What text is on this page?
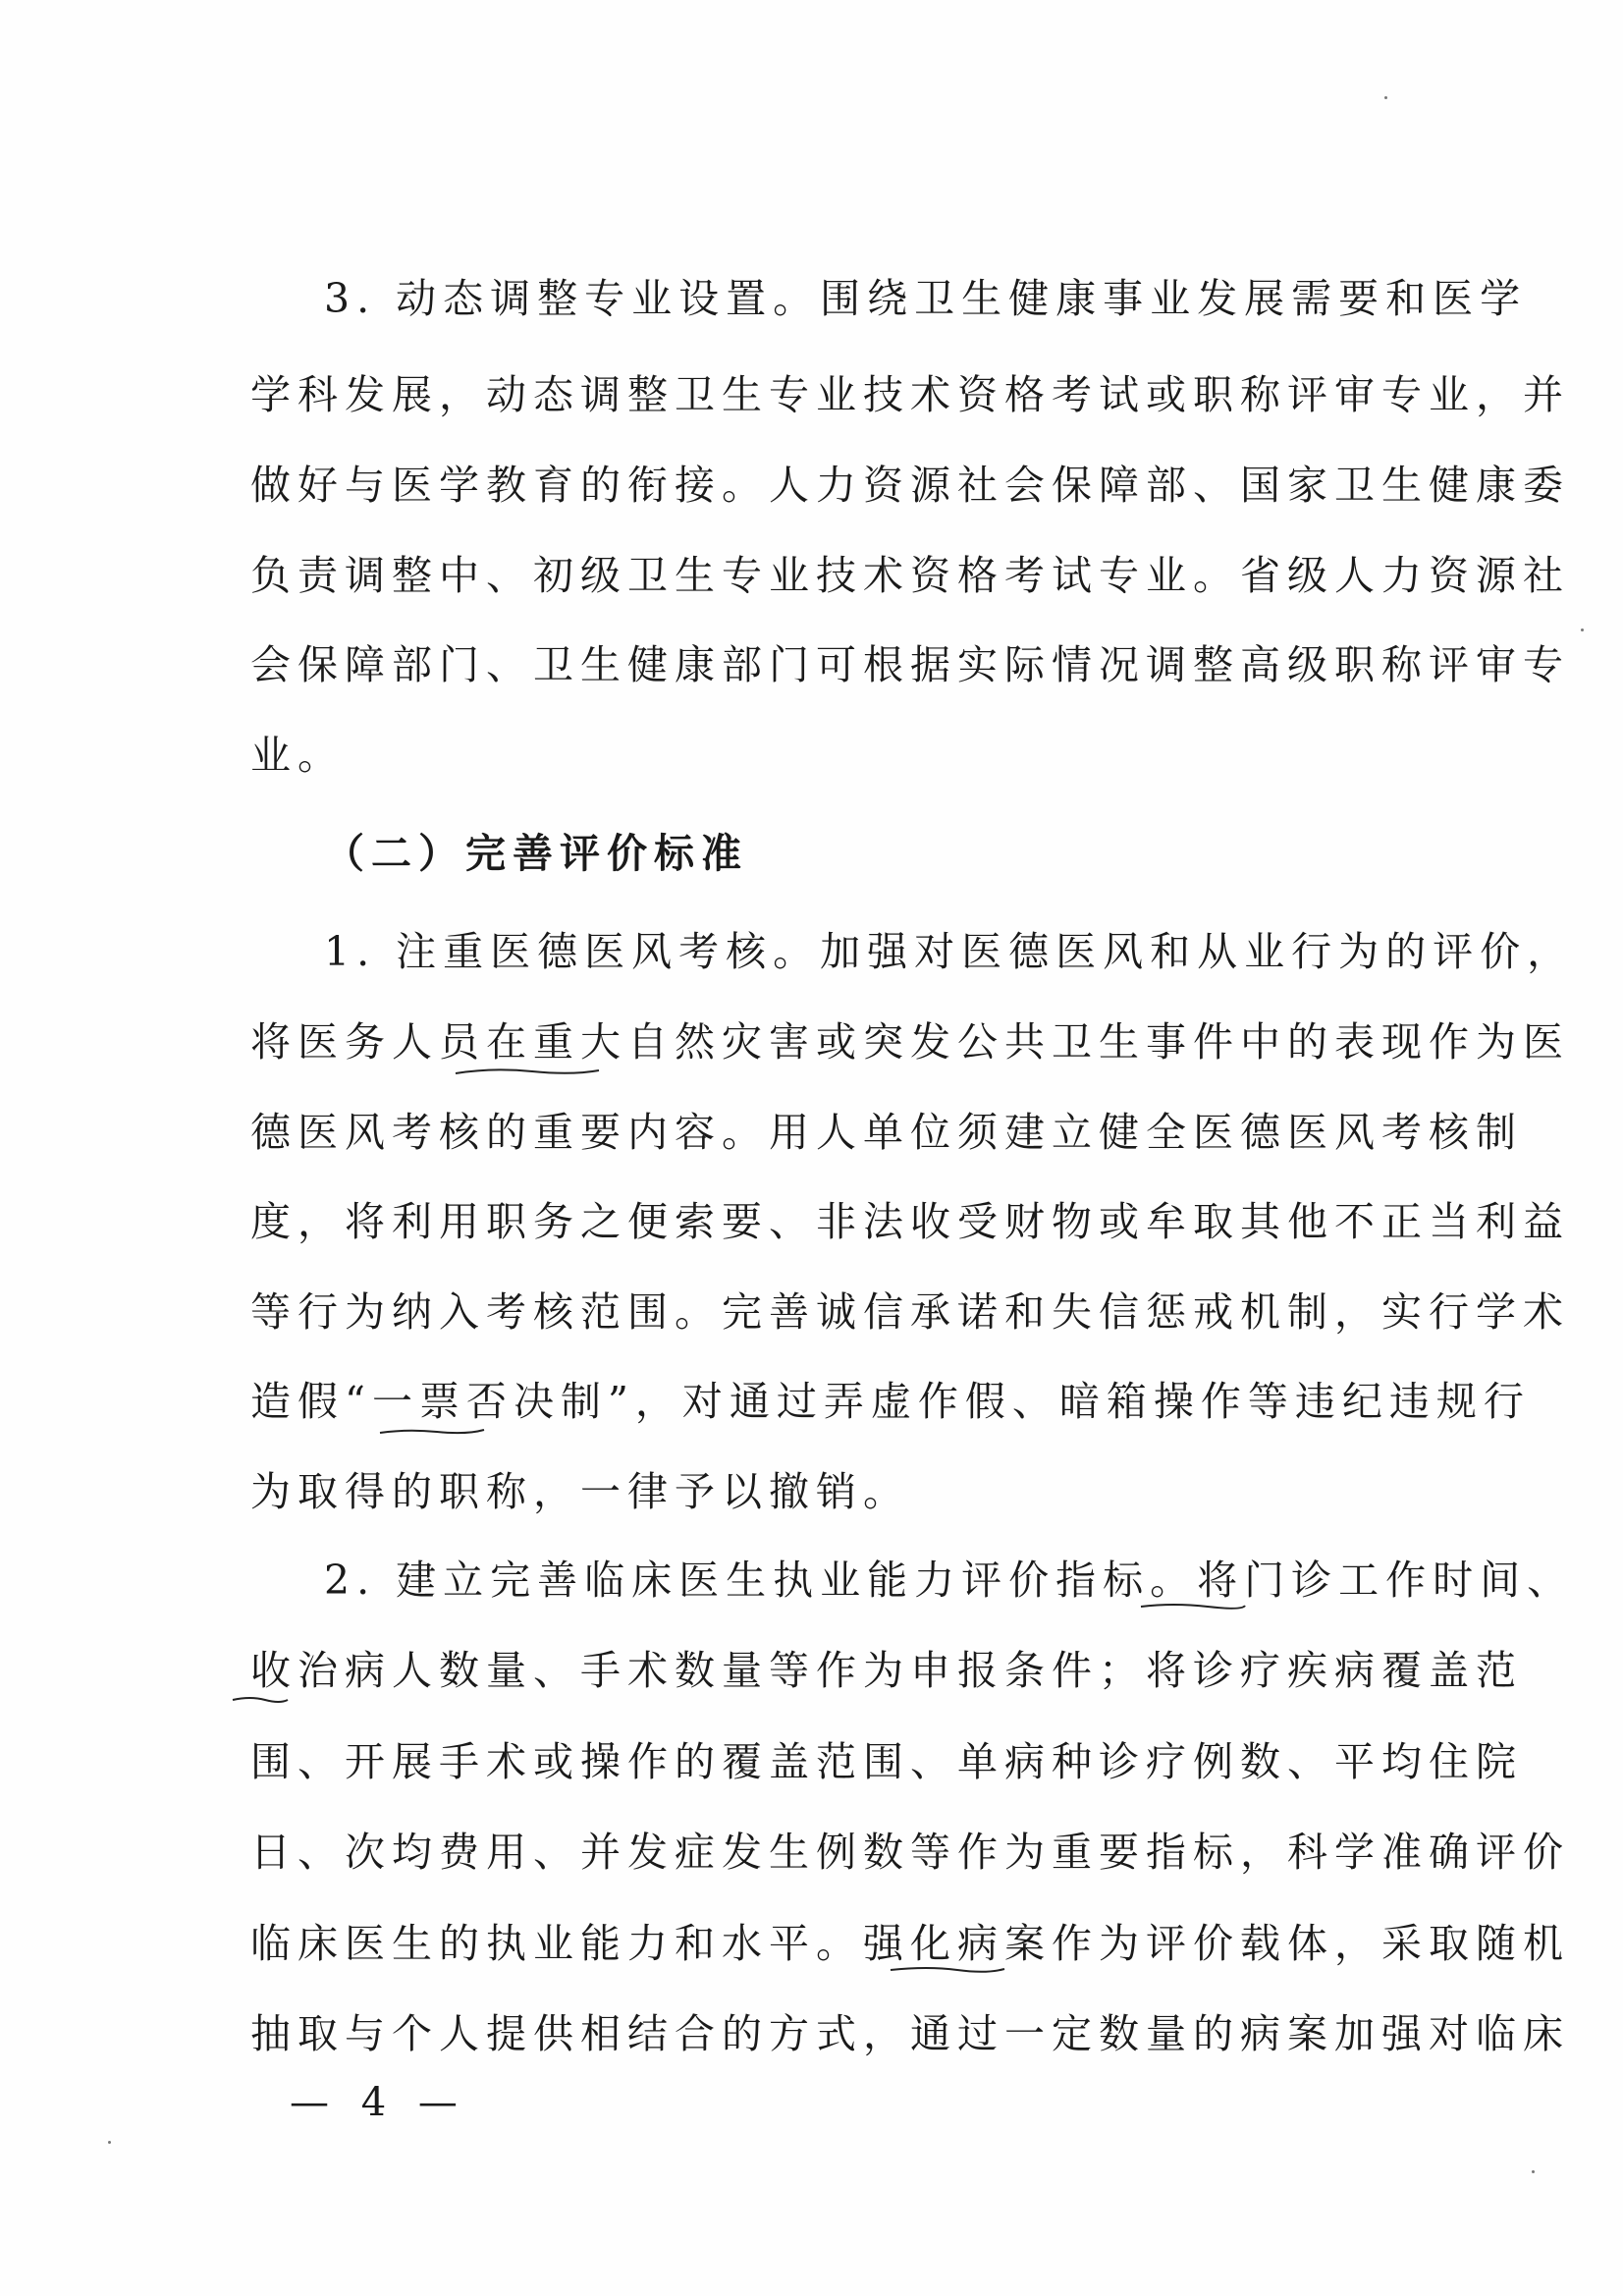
3. 动态调整专业设置。围绕卫生健康事业发展需要和医学
学科发展，动态调整卫生专业技术资格考试或职称评审专业，并
做好与医学教育的衔接。人力资源社会保障部、国家卫生健康委
负责调整中、初级卫生专业技术资格考试专业。省级人力资源社
会保障部门、卫生健康部门可根据实际情况调整高级职称评审专
业。
（二）完善评价标准
1. 注重医德医风考核。加强对医德医风和从业行为的评价，
将医务人员在重大自然灾害或突发公共卫生事件中的表现作为医
德医风考核的重要内容。用人单位须建立健全医德医风考核制
度，将利用职务之便索要、非法收受财物或牟取其他不正当利益
等行为纳入考核范围。完善诚信承诺和失信惩戒机制，实行学术
造假“一票否决制”，对通过弄虚作假、暗箱操作等违纪违规行
为取得的职称，一律予以撤销。
2. 建立完善临床医生执业能力评价指标。将门诊工作时间、
收治病人数量、手术数量等作为申报条件；将诊疗疾病覆盖范
围、开展手术或操作的覆盖范围、单病种诊疗例数、平均住院
日、次均费用、并发症发生例数等作为重要指标，科学准确评价
临床医生的执业能力和水平。强化病案作为评价载体，采取随机
抽取与个人提供相结合的方式，通过一定数量的病案加强对临床
— 4 —
